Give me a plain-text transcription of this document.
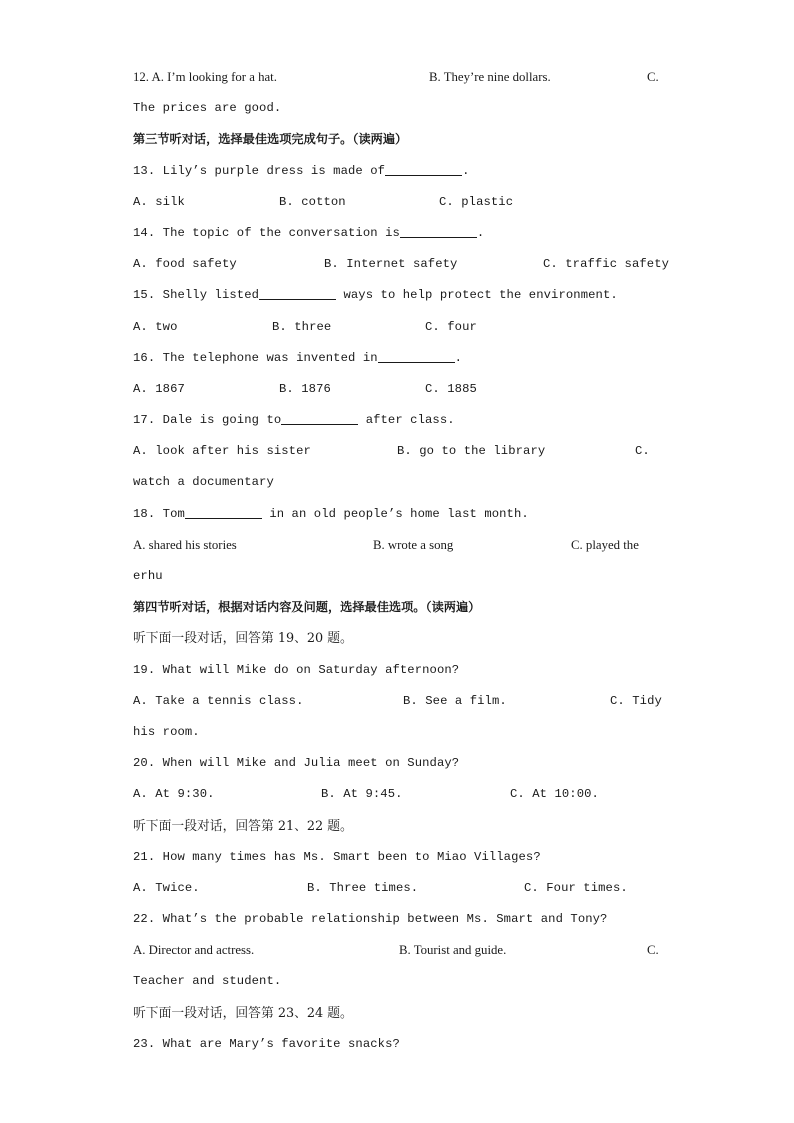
12. A. I’m looking for a hat.	B. They’re nine dollars.	C.
The prices are good.
第三节听对话，选择最佳选项完成句子。（读两遍）
13. Lily’s purple dress is made of	.
A. silk	B. cotton	C. plastic
14. The topic of the conversation is	.
A. food safety	B. Internet safety	C. traffic safety
15. Shelly listed	ways to help protect the environment.
A. two	B. three	C. four
16. The telephone was invented in	.
A. 1867	B. 1876	C. 1885
17. Dale is going to	after class.
A. look after his sister	B. go to the library	C.
watch a documentary
18. Tom	in an old people’s home last month.
A. shared his stories	B. wrote a song	C. played the
erhu
第四节听对话，根据对话内容及问题，选择最佳选项。（读两遍）
听下面一段对话，回答第 19、20 题。
19. What will Mike do on Saturday afternoon?
A. Take a tennis class.	B. See a film.	C. Tidy
his room.
20. When will Mike and Julia meet on Sunday?
A. At 9:30.	B. At 9:45.	C. At 10:00.
听下面一段对话，回答第 21、22 题。
21. How many times has Ms. Smart been to Miao Villages?
A. Twice.	B. Three times.	C. Four times.
22. What’s the probable relationship between Ms. Smart and Tony?
A. Director and actress.	B. Tourist and guide.	C.
Teacher and student.
听下面一段对话，回答第 23、24 题。
23. What are Mary’s favorite snacks?
